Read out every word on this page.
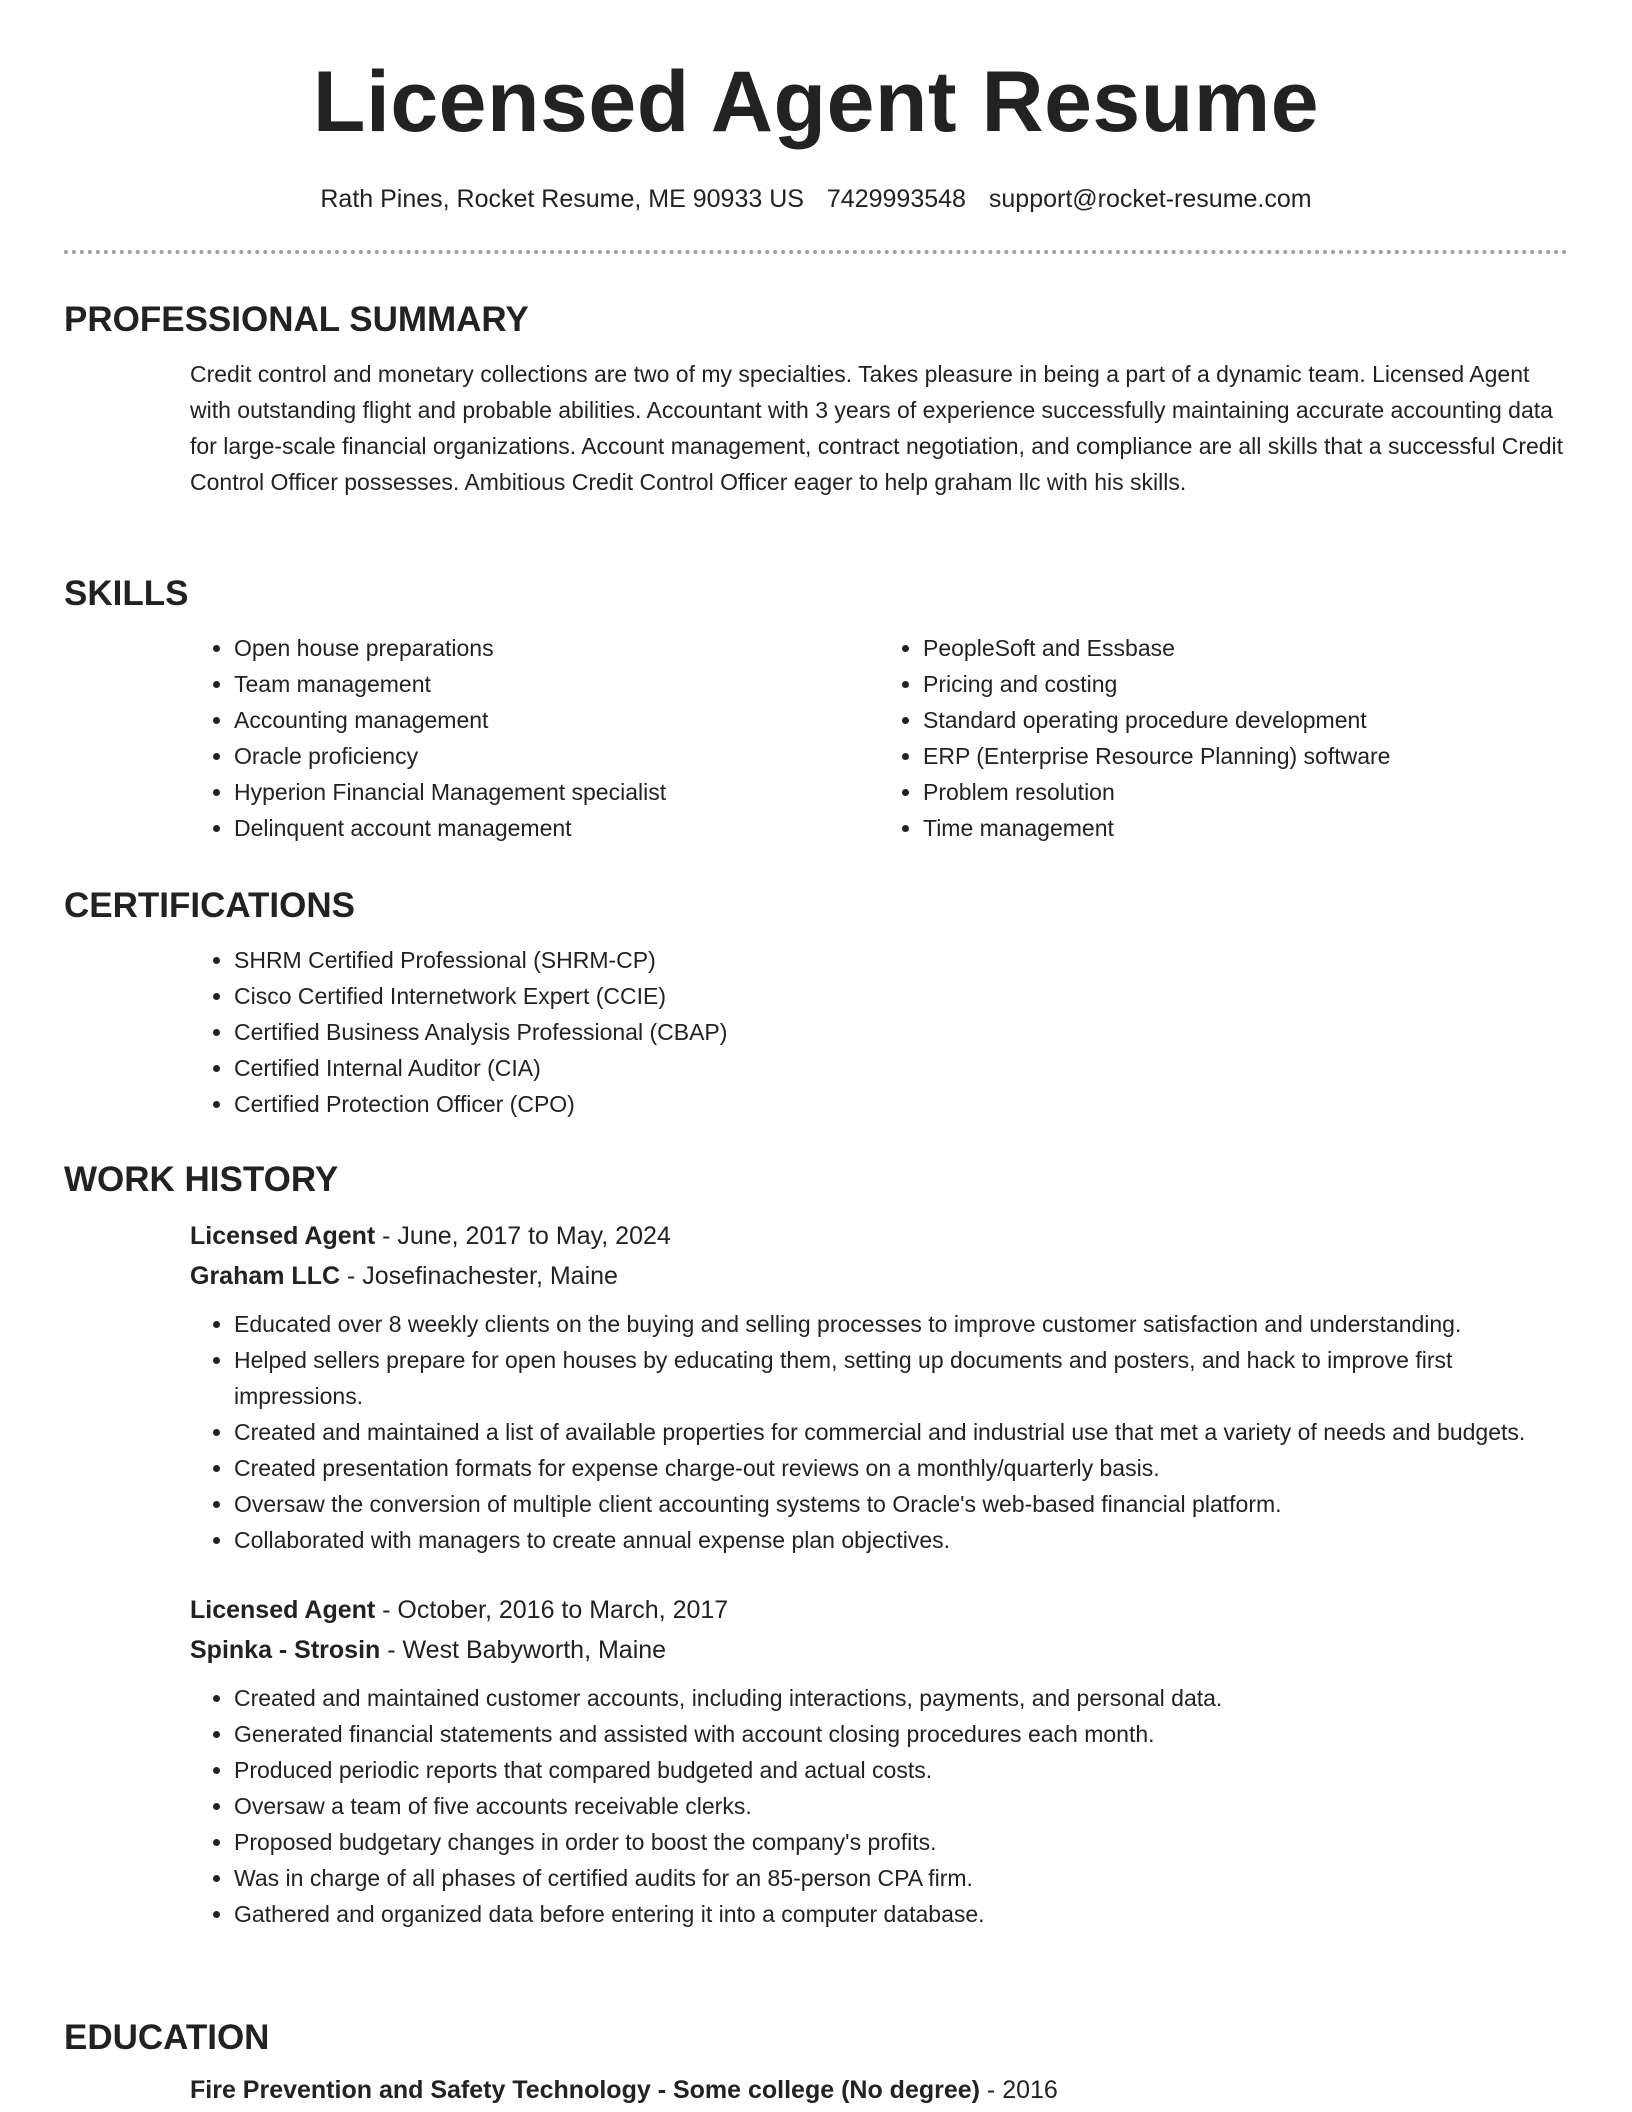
Licensed Agent Resume
Rath Pines, Rocket Resume, ME 90933 US 7429993548 support@rocket-resume.com
PROFESSIONAL SUMMARY

Credit control and monetary collections are two of my specialties. Takes pleasure in being a part of a dynamic team. Licensed Agent with outstanding flight and probable abilities. Accountant with 3 years of experience successfully maintaining accurate accounting data for large-scale financial organizations. Account management, contract negotiation, and compliance are all skills that a successful Credit Control Officer possesses. Ambitious Credit Control Officer eager to help graham llc with his skills.

SKILLS
• Open house preparations
• Team management
• Accounting management
• Oracle proficiency
• Hyperion Financial Management specialist
• Delinquent account management
• PeopleSoft and Essbase
• Pricing and costing
• Standard operating procedure development
• ERP (Enterprise Resource Planning) software
• Problem resolution
• Time management
CERTIFICATIONS
• SHRM Certified Professional (SHRM-CP)
• Cisco Certified Internetwork Expert (CCIE)
• Certified Business Analysis Professional (CBAP)
• Certified Internal Auditor (CIA)
• Certified Protection Officer (CPO)
WORK HISTORY
Licensed Agent - June, 2017 to May, 2024
Graham LLC - Josefinachester, Maine
• Educated over 8 weekly clients on the buying and selling processes to improve customer satisfaction and understanding.
• Helped sellers prepare for open houses by educating them, setting up documents and posters, and hack to improve first impressions.
• Created and maintained a list of available properties for commercial and industrial use that met a variety of needs and budgets.
• Created presentation formats for expense charge-out reviews on a monthly/quarterly basis.
• Oversaw the conversion of multiple client accounting systems to Oracle's web-based financial platform.
• Collaborated with managers to create annual expense plan objectives.
Licensed Agent - October, 2016 to March, 2017
Spinka - Strosin - West Babyworth, Maine
• Created and maintained customer accounts, including interactions, payments, and personal data.
• Generated financial statements and assisted with account closing procedures each month.
• Produced periodic reports that compared budgeted and actual costs.
• Oversaw a team of five accounts receivable clerks.
• Proposed budgetary changes in order to boost the company's profits.
• Was in charge of all phases of certified audits for an 85-person CPA firm.
• Gathered and organized data before entering it into a computer database.
EDUCATION
Fire Prevention and Safety Technology - Some college (No degree) - 2016
